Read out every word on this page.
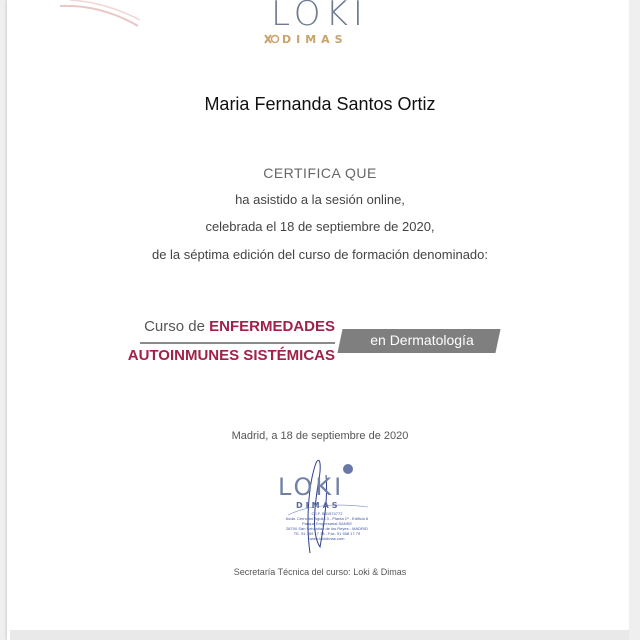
LOKI
DIMAS
Maria Fernanda Santos Ortiz
CERTIFICA QUE
ha asistido a la sesión online,
celebrada el 18 de septiembre de 2020,
de la séptima edición del curso de formación denominado:
Curso de ENFERMEDADES
AUTOINMUNES SISTÉMICAS
en Dermatología
Madrid, a 18 de septiembre de 2020
LOKI
DIMAS
C.I.F. B81574772
Avda. Cerro del Aguila 3 - Planta 1ª - Edificio 6
Parque Empresarial SANSE
28700 San Sebastián de los Reyes - MADRID
TE. 91 369 17 78 - Fax. 91 558 17 79
www.lokidimas.com
Secretaría Técnica del curso: Loki & Dimas
